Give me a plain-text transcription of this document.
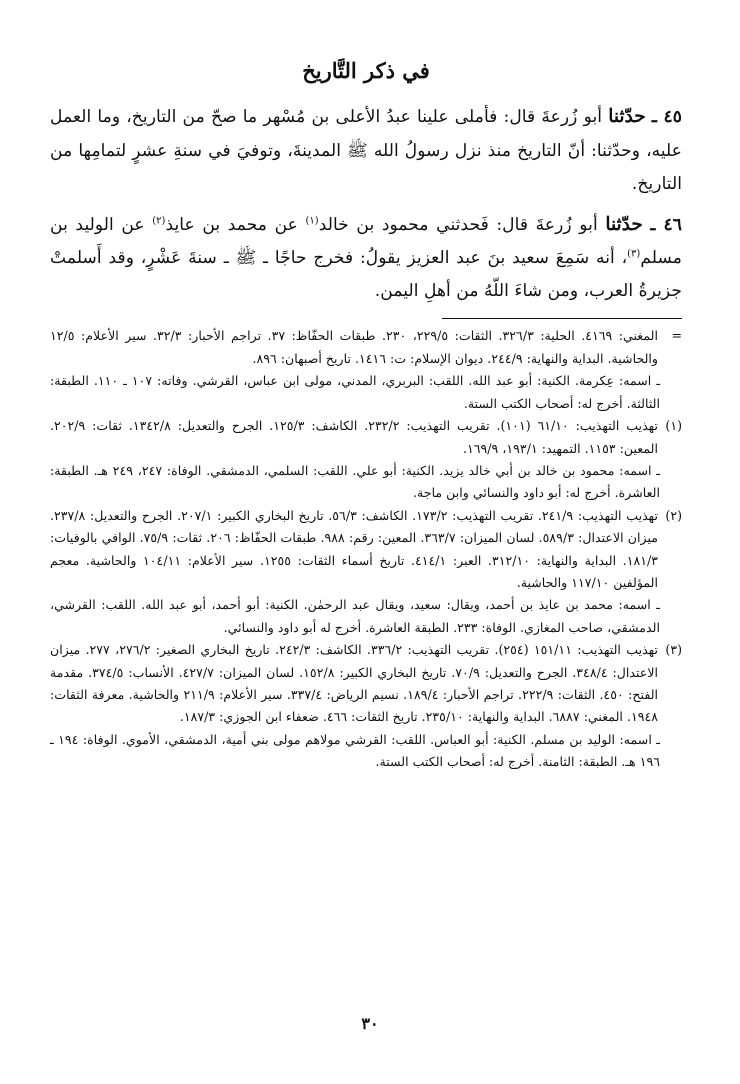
في ذكر التَّاريخ

٤٥ ـ حدّثنا أبو زُرعةَ قال: فأملى علينا عبدُ الأعلى بن مُسْهر ما صحّ من التاريخ، وما العمل عليه، وحدّثنا: أنّ التاريخ منذ نزل رسولُ الله ﷺ المدينةَ، وتوفيَ في سنةِ عشرٍ لتمامِها من التاريخ.

٤٦ ـ حدّثنا أبو زُرعةَ قال: فَحدثني محمود بن خالد$^{(١)}$ عن محمد بن عايذ$^{(٢)}$ عن الوليد بن مسلم$^{(٣)}$، أنه سَمِعَ سعيد بنَ عبد العزيز يقولُ: فخرج حاجًا ـ ﷺ ـ سنةَ عَشْرٍ، وقد أَسلمتْ جزيرةُ العرب، ومن شاءَ اللّهُ من أهلِ اليمن.

=
المغني: ٤١٦٩. الحلية: ٣٢٦/٣. الثقات: ٢٢٩/٥، ٢٣٠. طبقات الحفّاظ: ٣٧. تراجم الأحبار: ٣٢/٣. سير الأعلام: ١٢/٥ والحاشية. البداية والنهاية: ٢٤٤/٩. ديوان الإسلام: ت: ١٤١٦. تاريخ أصبهان: ٨٩٦.

ـ اسمه: عِكرمة. الكنية: أبو عبد الله. اللقب: البربري، المدني، مولى ابن عباس، القرشي. وفاته: ١٠٧ ـ ١١٠. الطبقة: الثالثة. أخرج له: أصحاب الكتب الستة.

(١)
تهذيب التهذيب: ٦١/١٠ (١٠١). تقريب التهذيب: ٢٣٢/٢. الكاشف: ١٢٥/٣. الجرح والتعديل: ١٣٤٢/٨. ثقات: ٢٠٢/٩. المعين: ١١٥٣. التمهيد: ١٩٣/١، ١٦٩/٩.

ـ اسمه: محمود بن خالد بن أبي خالد يزيد. الكنية: أبو علي. اللقب: السلمي، الدمشقي. الوفاة: ٢٤٧، ٢٤٩ هـ. الطبقة: العاشرة. أخرج له: أبو داود والنسائي وابن ماجة.

(٢)
تهذيب التهذيب: ٢٤١/٩. تقريب التهذيب: ١٧٣/٢. الكاشف: ٥٦/٣. تاريخ البخاري الكبير: ٢٠٧/١. الجرح والتعديل: ٢٣٧/٨. ميزان الاعتدال: ٥٨٩/٣. لسان الميزان: ٣٦٣/٧. المعين: رقم: ٩٨٨. طبقات الحفّاظ: ٢٠٦. ثقات: ٧٥/٩. الوافي بالوفيات: ١٨١/٣. البداية والنهاية: ٣١٢/١٠. العبر: ٤١٤/١. تاريخ أسماء الثقات: ١٢٥٥. سير الأعلام: ١٠٤/١١ والحاشية. معجم المؤلفين ١١٧/١٠ والحاشية.

ـ اسمه: محمد بن عايذ بن أحمد، ويقال: سعيد، ويقال عبد الرحمٰن. الكنية: أبو أحمد، أبو عبد الله. اللقب: القرشي، الدمشقي، صاحب المغازي. الوفاة: ٢٣٣. الطبقة العاشرة. أخرج له أبو داود والنسائي.

(٣)
تهذيب التهذيب: ١٥١/١١ (٢٥٤). تقريب التهذيب: ٣٣٦/٢. الكاشف: ٢٤٢/٣. تاريخ البخاري الصغير: ٢٧٦/٢، ٢٧٧. ميزان الاعتدال: ٣٤٨/٤. الجرح والتعديل: ٧٠/٩. تاريخ البخاري الكبير: ١٥٢/٨. لسان الميزان: ٤٢٧/٧. الأنساب: ٣٧٤/٥. مقدمة الفتح: ٤٥٠. الثقات: ٢٢٢/٩. تراجم الأحبار: ١٨٩/٤. نسيم الرياض: ٣٣٧/٤. سير الأعلام: ٢١١/٩ والحاشية. معرفة الثقات: ١٩٤٨. المغني: ٦٨٨٧. البداية والنهاية: ٢٣٥/١٠. تاريخ الثقات: ٤٦٦. ضعفاء ابن الجوزي: ١٨٧/٣.

ـ اسمه: الوليد بن مسلم. الكنية: أبو العباس. اللقب: القرشي مولاهم مولى بني أمية، الدمشقي، الأموي. الوفاة: ١٩٤ ـ ١٩٦ هـ. الطبقة: الثامنة. أخرج له: أصحاب الكتب الستة.

٣٠
